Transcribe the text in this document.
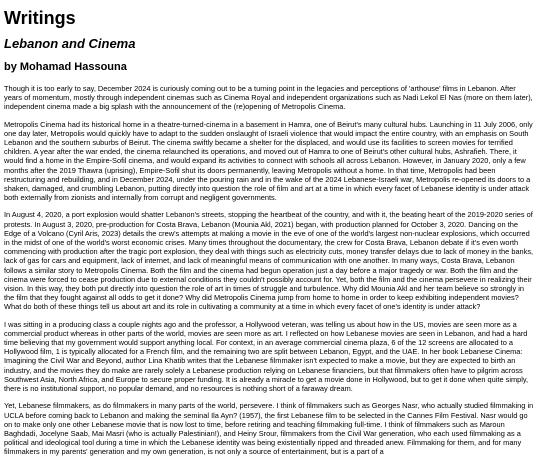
Writings
Lebanon and Cinema
by Mohamad Hassouna

Though it is too early to say, December 2024 is curiously coming out to be a turning point in the legacies and perceptions of 'arthouse' films in Lebanon. After years of momentum, mostly through independent cinemas such as Cinema Royal and independent organizations such as Nadi Lekol El Nas (more on them later), independent cinema made a big splash with the announcement of the (re)opening of Metropolis Cinema.

Metropolis Cinema had its historical home in a theatre-turned-cinema in a basement in Hamra, one of Beirut's many cultural hubs. Launching in 11 July 2006, only one day later, Metropolis would quickly have to adapt to the sudden onslaught of Israeli violence that would impact the entire country, with an emphasis on South Lebanon and the southern suburbs of Beirut. The cinema swiftly became a shelter for the displaced, and would use its facilities to screen movies for terrified children. A year after the war ended, the cinema relaunched its operations, and moved out of Hamra to one of Beirut's other cultural hubs, Ashrafieh. There, it would find a home in the Empire-Sofil cinema, and would expand its activities to connect with schools all across Lebanon. However, in January 2020, only a few months after the 2019 Thawra (uprising), Empire-Sofil shut its doors permanently, leaving Metropolis without a home. In that time, Metropolis had been restructuring and rebuilding, and in December 2024, under the pouring rain and in the wake of the 2024 Lebanese-Israeli war, Metropolis re-opened its doors to a shaken, damaged, and crumbling Lebanon, putting directly into question the role of film and art at a time in which every facet of Lebanese identity is under attack both externally from zionists and internally from corrupt and negligent governments.

In August 4, 2020, a port explosion would shatter Lebanon's streets, stopping the heartbeat of the country, and with it, the beating heart of the 2019-2020 series of protests. In August 3, 2020, pre-production for Costa Brava, Lebanon (Mounia Akl, 2021) began, with production planned for October 3, 2020. Dancing on the Edge of a Volcano (Cyril Aris, 2023) details the crew's attempts at making a movie in the eve of one of the world's largest non-nuclear explosions, which occurred in the midst of one of the world's worst economic crises. Many times throughout the documentary, the crew for Costa Brava, Lebanon debate if it's even worth commencing with production after the tragic port explosion, they deal with things such as electricity cuts, money transfer delays due to lack of money in the banks, lack of gas for cars and equipment, lack of internet, and lack of meaningful means of communication with one another. In many ways, Costa Brava, Lebanon follows a similar story to Metropolis Cinema. Both the film and the cinema had begun operation just a day before a major tragedy or war. Both the film and the cinema were forced to cease production due to external conditions they couldn't possibly account for. Yet, both the film and the cinema persevere in realizing their vision. In this way, they both put directly into question the role of art in times of struggle and turbulence. Why did Mounia Akl and her team believe so strongly in the film that they fought against all odds to get it done? Why did Metropolis Cinema jump from home to home in order to keep exhibiting independent movies? What do both of these things tell us about art and its role in cultivating a community at a time in which every facet of one's identity is under attack?

I was sitting in a producing class a couple nights ago and the professor, a Hollywood veteran, was telling us about how in the US, movies are seen more as a commercial product whereas in other parts of the world, movies are seen more as art. I reflected on how Lebanese movies are seen in Lebanon, and had a hard time believing that my government would support anything local. For context, in an average commercial cinema plaza, 6 of the 12 screens are allocated to a Hollywood film, 1 is typically allocated for a French film, and the remaining two are split between Lebanon, Egypt, and the UAE. In her book Lebanese Cinema: Imagining the Civil War and Beyond, author Lina Khatib writes that the Lebanese filmmaker isn't expected to make a movie, but they are expected to birth an industry, and the movies they do make are rarely solely a Lebanese production relying on Lebanese financiers, but that filmmakers often have to pilgrim across Southwest Asia, North Africa, and Europe to secure proper funding. It is already a miracle to get a movie done in Hollywood, but to get it done when quite simply, there is no institutional support, no popular demand, and no resources is nothing short of a faraway dream.

Yet, Lebanese filmmakers, as do filmmakers in many parts of the world, persevere. I think of filmmakers such as Georges Nasr, who actually studied filmmaking in UCLA before coming back to Lebanon and making the seminal Ila Ayn? (1957), the first Lebanese film to be selected in the Cannes Film Festival. Nasr would go on to make only one other Lebanese movie that is now lost to time, before retiring and teaching filmmaking full-time. I think of filmmakers such as Maroun Baghdadi, Jocelyne Saab, Mai Masri (who is actually Palestinian!), and Heiny Srour, filmmakers from the Civil War generation, who each used filmmaking as a political and ideological tool during a time in which the Lebanese identity was being existentially ripped and threaded anew. Filmmaking for them, and for many filmmakers in my parents' generation and my own generation, is not only a source of entertainment, but is a part of a
